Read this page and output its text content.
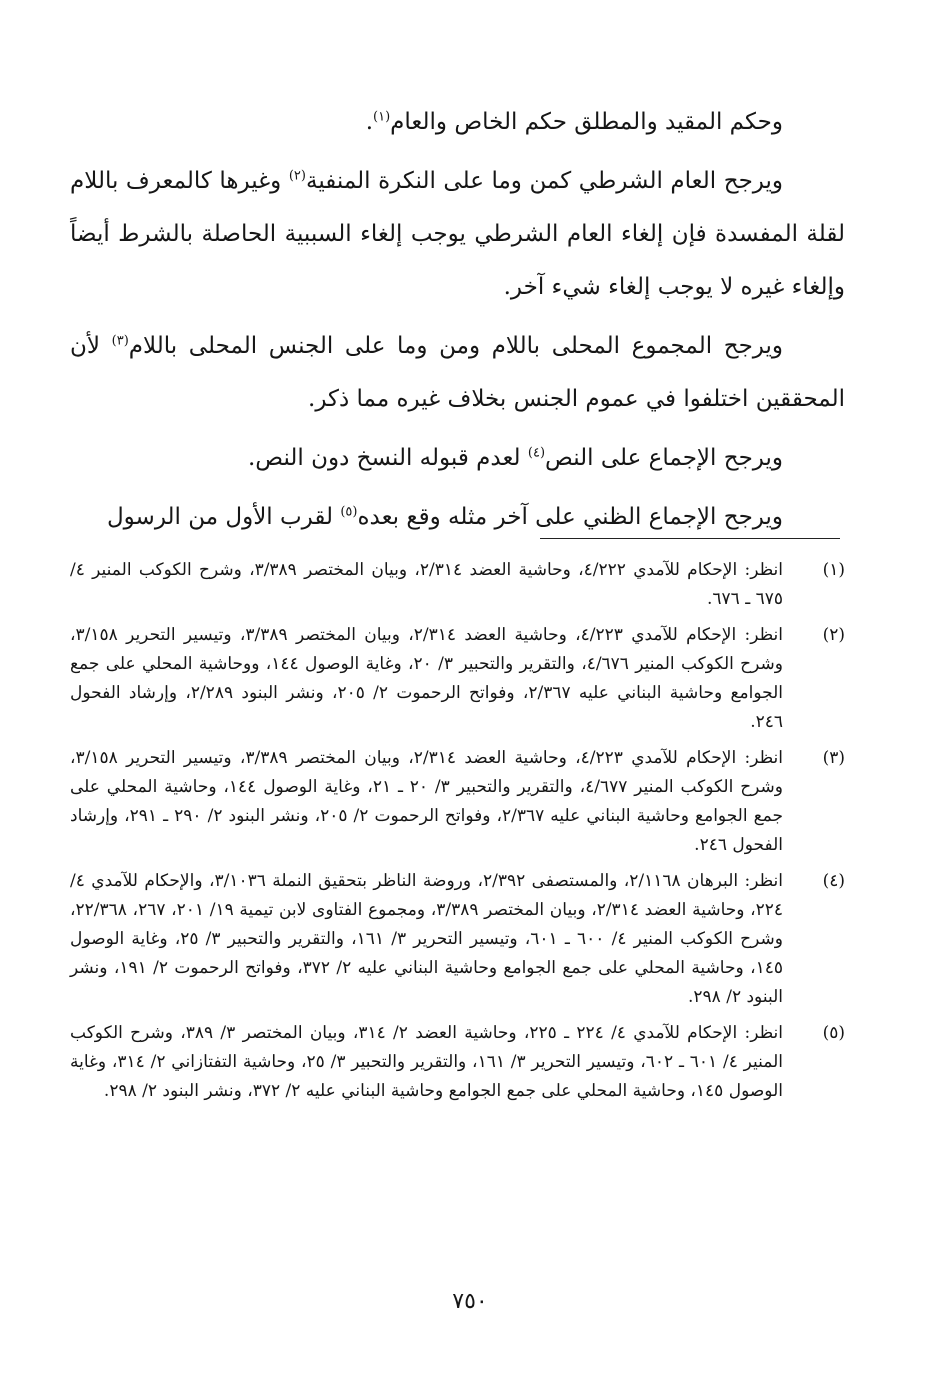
وحكم المقيد والمطلق حكم الخاص والعام$^{(١)}$.

ويرجح العام الشرطي كمن وما على النكرة المنفية$^{(٢)}$ وغيرها كالمعرف باللام لقلة المفسدة فإن إلغاء العام الشرطي يوجب إلغاء السببية الحاصلة بالشرط أيضاً وإلغاء غيره لا يوجب إلغاء شيء آخر.

ويرجح المجموع المحلى باللام ومن وما على الجنس المحلى باللام$^{(٣)}$ لأن المحققين اختلفوا في عموم الجنس بخلاف غيره مما ذكر.

ويرجح الإجماع على النص$^{(٤)}$ لعدم قبوله النسخ دون النص.

ويرجح الإجماع الظني على آخر مثله وقع بعده$^{(٥)}$ لقرب الأول من الرسول

(١)
انظر: الإحكام للآمدي ٤/٢٢٢، وحاشية العضد ٢/٣١٤، وبيان المختصر ٣/٣٨٩، وشرح الكوكب المنير ٤/ ٦٧٥ ـ ٦٧٦.
(٢)
انظر: الإحكام للآمدي ٤/٢٢٣، وحاشية العضد ٢/٣١٤، وبيان المختصر ٣/٣٨٩، وتيسير التحرير ٣/١٥٨، وشرح الكوكب المنير ٤/٦٧٦، والتقرير والتحبير ٣/ ٢٠، وغاية الوصول ١٤٤، ووحاشية المحلي على جمع الجوامع وحاشية البناني عليه ٢/٣٦٧، وفواتح الرحموت ٢/ ٢٠٥، ونشر البنود ٢/٢٨٩، وإرشاد الفحول ٢٤٦.
(٣)
انظر: الإحكام للآمدي ٤/٢٢٣، وحاشية العضد ٢/٣١٤، وبيان المختصر ٣/٣٨٩، وتيسير التحرير ٣/١٥٨، وشرح الكوكب المنير ٤/٦٧٧، والتقرير والتحبير ٣/ ٢٠ ـ ٢١، وغاية الوصول ١٤٤، وحاشية المحلي على جمع الجوامع وحاشية البناني عليه ٢/٣٦٧، وفواتح الرحموت ٢/ ٢٠٥، ونشر البنود ٢/ ٢٩٠ ـ ٢٩١، وإرشاد الفحول ٢٤٦.
(٤)
انظر: البرهان ٢/١١٦٨، والمستصفى ٢/٣٩٢، وروضة الناظر بتحقيق النملة ٣/١٠٣٦، والإحكام للآمدي ٤/ ٢٢٤، وحاشية العضد ٢/٣١٤، وبيان المختصر ٣/٣٨٩، ومجموع الفتاوى لابن تيمية ١٩/ ٢٠١، ٢٦٧، ٢٢/٣٦٨، وشرح الكوكب المنير ٤/ ٦٠٠ ـ ٦٠١، وتيسير التحرير ٣/ ١٦١، والتقرير والتحبير ٣/ ٢٥، وغاية الوصول ١٤٥، وحاشية المحلي على جمع الجوامع وحاشية البناني عليه ٢/ ٣٧٢، وفواتح الرحموت ٢/ ١٩١، ونشر البنود ٢/ ٢٩٨.
(٥)
انظر: الإحكام للآمدي ٤/ ٢٢٤ ـ ٢٢٥، وحاشية العضد ٢/ ٣١٤، وبيان المختصر ٣/ ٣٨٩، وشرح الكوكب المنير ٤/ ٦٠١ ـ ٦٠٢، وتيسير التحرير ٣/ ١٦١، والتقرير والتحبير ٣/ ٢٥، وحاشية التفتازاني ٢/ ٣١٤، وغاية الوصول ١٤٥، وحاشية المحلي على جمع الجوامع وحاشية البناني عليه ٢/ ٣٧٢، ونشر البنود ٢/ ٢٩٨.
٧٥٠
